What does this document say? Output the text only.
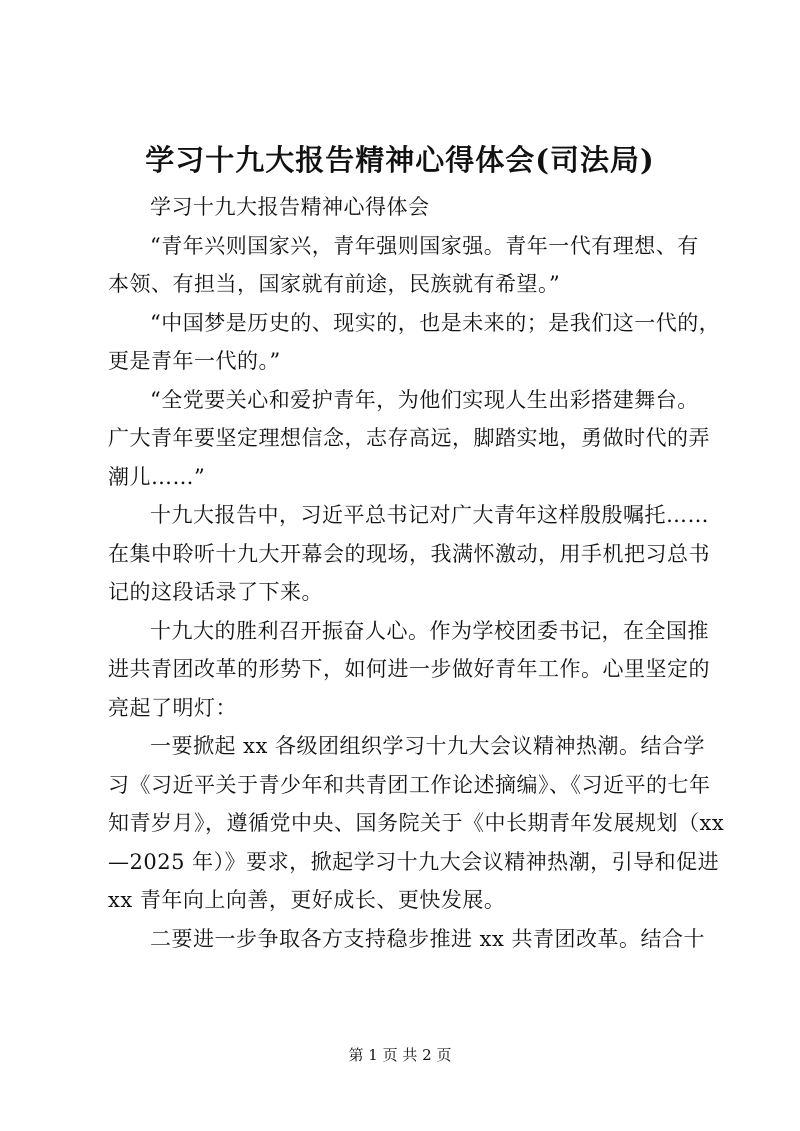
学习十九大报告精神心得体会(司法局)

学习十九大报告精神心得体会

“青年兴则国家兴，青年强则国家强。青年一代有理想、有
本领、有担当，国家就有前途，民族就有希望。”

“中国梦是历史的、现实的，也是未来的；是我们这一代的，
更是青年一代的。”

“全党要关心和爱护青年，为他们实现人生出彩搭建舞台。
广大青年要坚定理想信念，志存高远，脚踏实地，勇做时代的弄
潮儿……”

十九大报告中，习近平总书记对广大青年这样殷殷嘱托……
在集中聆听十九大开幕会的现场，我满怀激动，用手机把习总书
记的这段话录了下来。

十九大的胜利召开振奋人心。作为学校团委书记，在全国推
进共青团改革的形势下，如何进一步做好青年工作。心里坚定的
亮起了明灯：

一要掀起 xx 各级团组织学习十九大会议精神热潮。结合学
习《习近平关于青少年和共青团工作论述摘编》、《习近平的七年
知青岁月》，遵循党中央、国务院关于《中长期青年发展规划（xx
—2025 年）》要求，掀起学习十九大会议精神热潮，引导和促进
xx 青年向上向善，更好成长、更快发展。

二要进一步争取各方支持稳步推进 xx 共青团改革。结合十

第 1 页 共 2 页
